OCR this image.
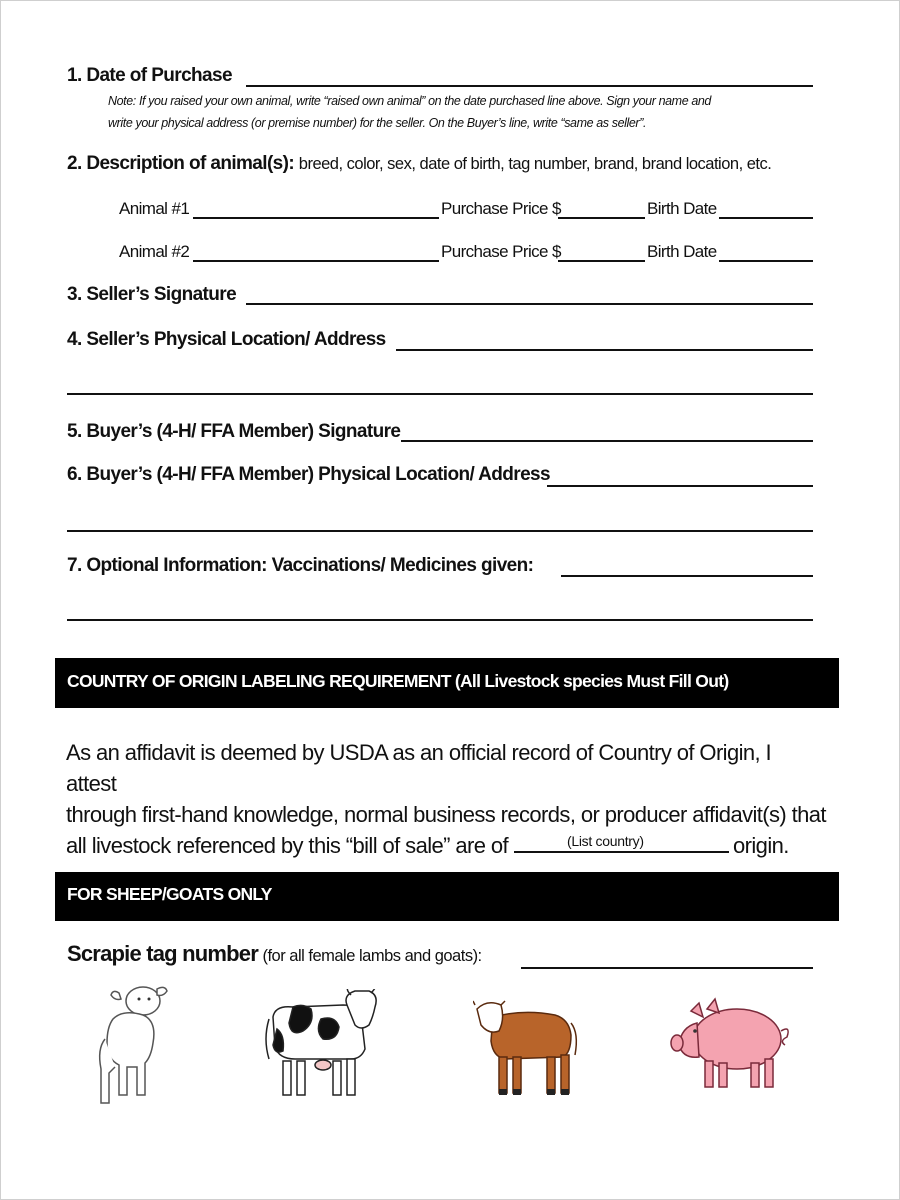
1. Date of Purchase
Note: If you raised your own animal, write “raised own animal” on the date purchased line above. Sign your name and
write your physical address (or premise number) for the seller. On the Buyer’s line, write “same as seller”.
2. Description of animal(s): breed, color, sex, date of birth, tag number, brand, brand location, etc.
Animal #1	Purchase Price $	Birth Date
Animal #2	Purchase Price $	Birth Date
3. Seller’s Signature
4. Seller’s Physical Location/ Address
5. Buyer’s (4-H/ FFA Member) Signature
6. Buyer’s (4-H/ FFA Member) Physical Location/ Address
7. Optional Information: Vaccinations/ Medicines given:
COUNTRY OF ORIGIN LABELING REQUIREMENT (All Livestock species Must Fill Out)
As an affidavit is deemed by USDA as an official record of Country of Origin, I attest
through first-hand knowledge, normal business records, or producer affidavit(s) that
all livestock referenced by this “bill of sale” are of	origin.
(List country)
FOR SHEEP/GOATS ONLY
Scrapie tag number (for all female lambs and goats):
